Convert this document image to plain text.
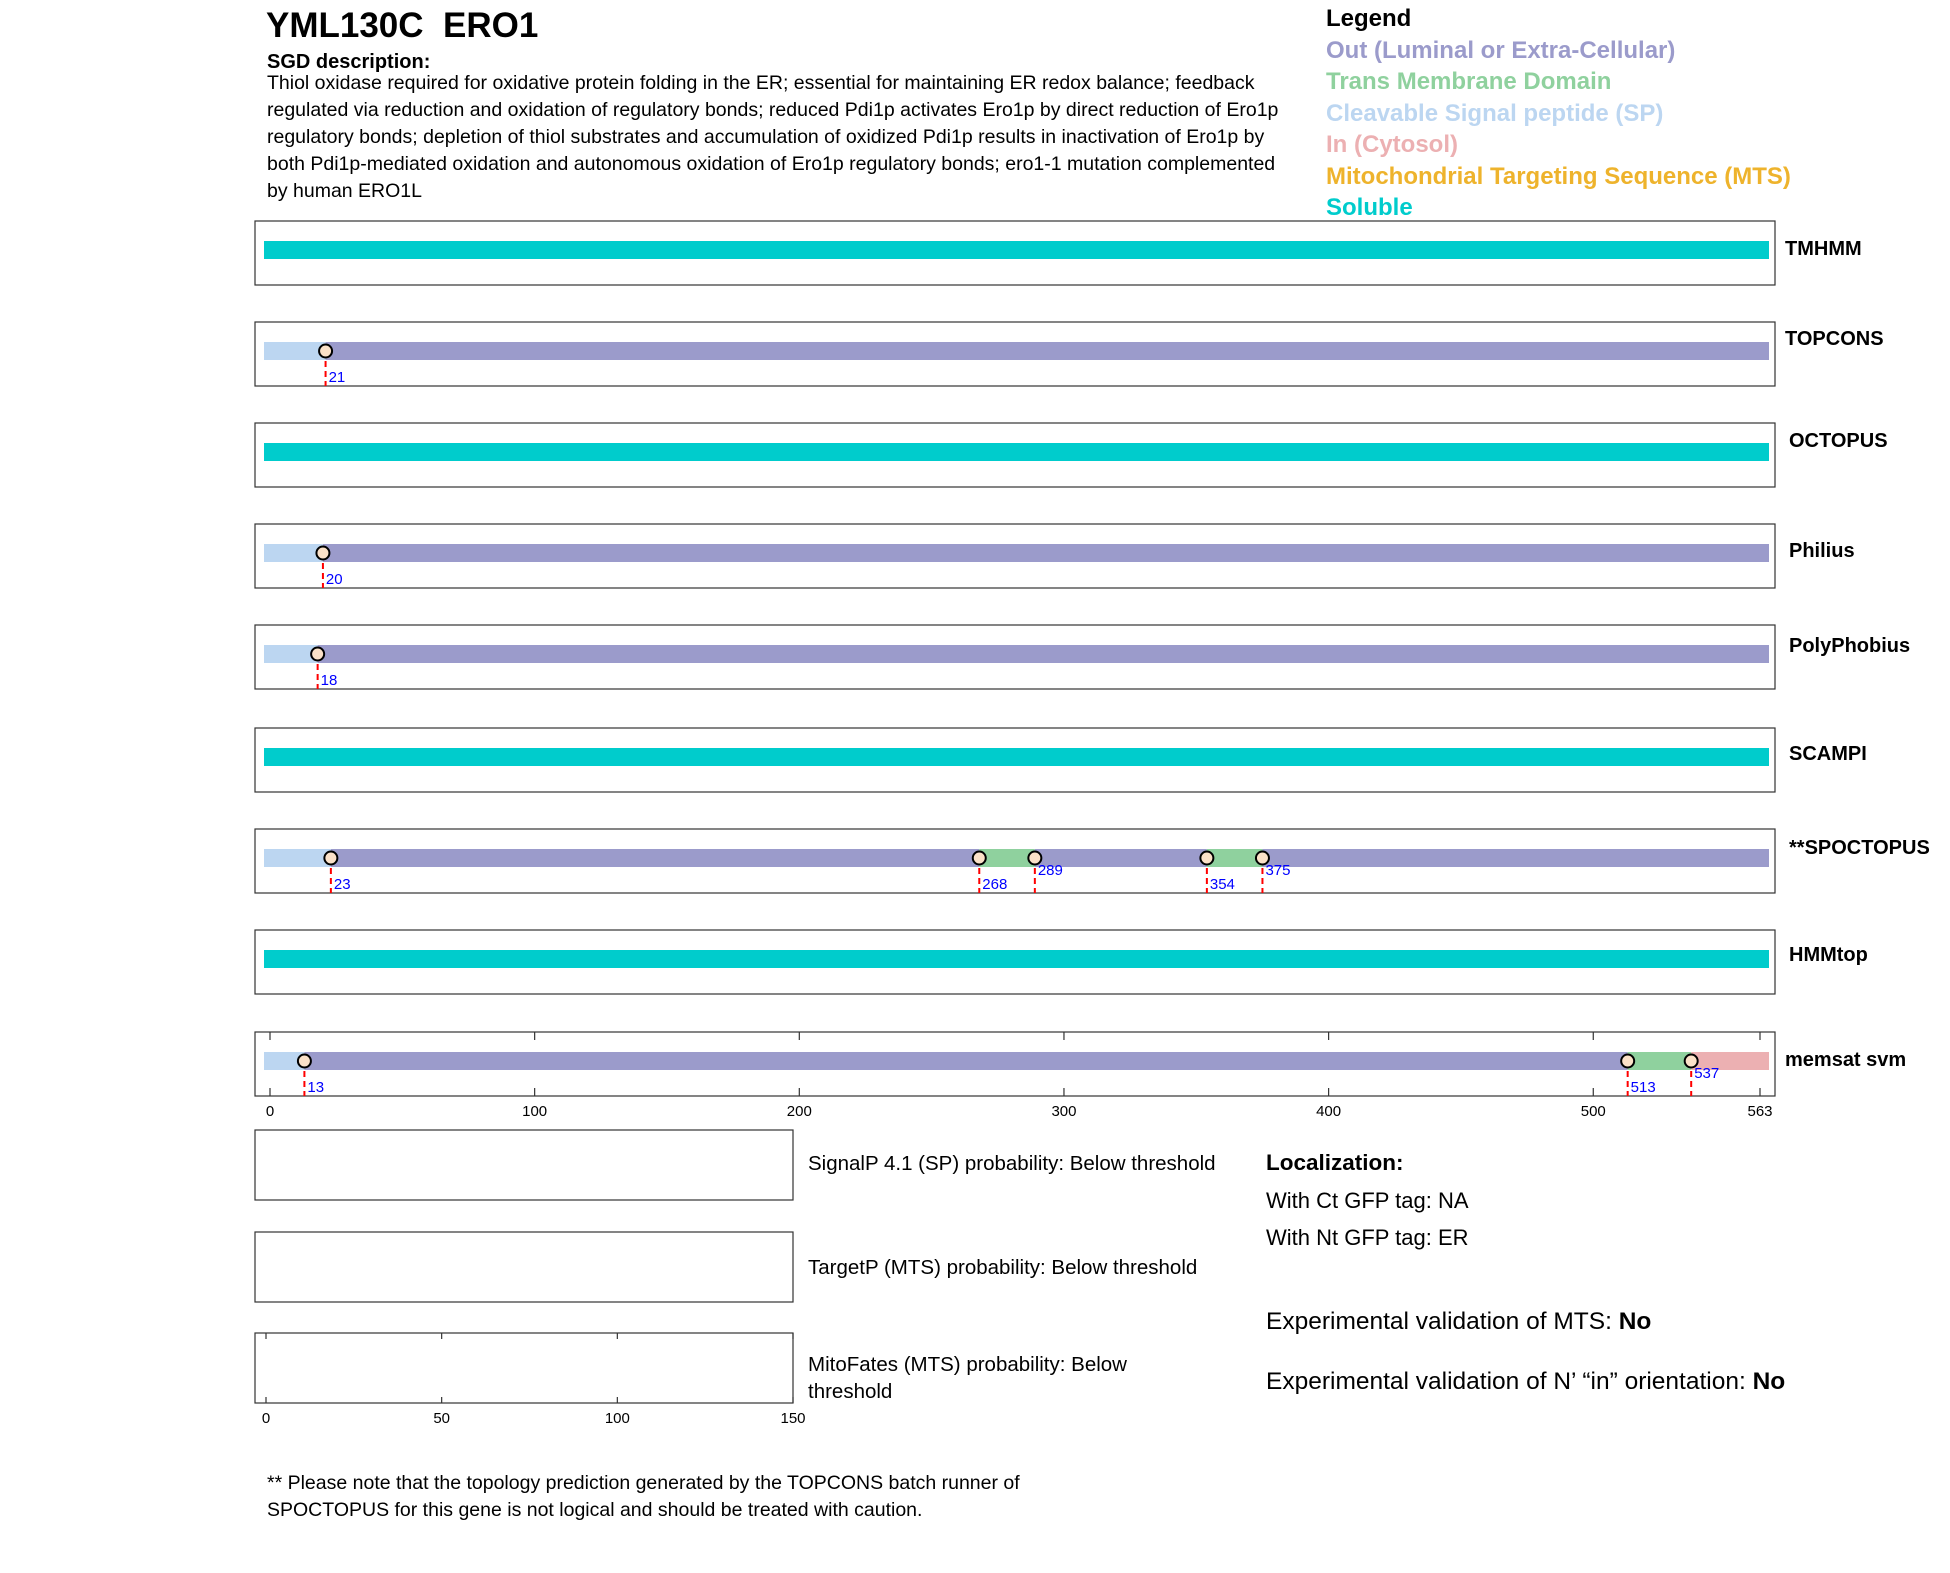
YML130C ERO1
SGD description:
Thiol oxidase required for oxidative protein folding in the ER; essential for maintaining ER redox balance; feedback regulated via reduction and oxidation of regulatory bonds; reduced Pdi1p activates Ero1p by direct reduction of Ero1p regulatory bonds; depletion of thiol substrates and accumulation of oxidized Pdi1p results in inactivation of Ero1p by both Pdi1p-mediated oxidation and autonomous oxidation of Ero1p regulatory bonds; ero1-1 mutation complemented by human ERO1L
Legend
Out (Luminal or Extra-Cellular)
Trans Membrane Domain
Cleavable Signal peptide (SP)
In (Cytosol)
Mitochondrial Targeting Sequence (MTS)
Soluble
TMHMM
21
TOPCONS
OCTOPUS
20
Philius
18
PolyPhobius
SCAMPI
23	268
289
354
375
**SPOCTOPUS
HMMtop
13	513
537
memsat svm
0	100	200	300	400	500	563
SignalP 4.1 (SP) probability: Below threshold
TargetP (MTS) probability: Below threshold
MitoFates (MTS) probability: Below
threshold
0	50	100	150
Localization:
With Ct GFP tag: NA
With Nt GFP tag: ER
Experimental validation of MTS: No
Experimental validation of N’ “in” orientation: No
** Please note that the topology prediction generated by the TOPCONS batch runner of SPOCTOPUS for this gene is not logical and should be treated with caution.
